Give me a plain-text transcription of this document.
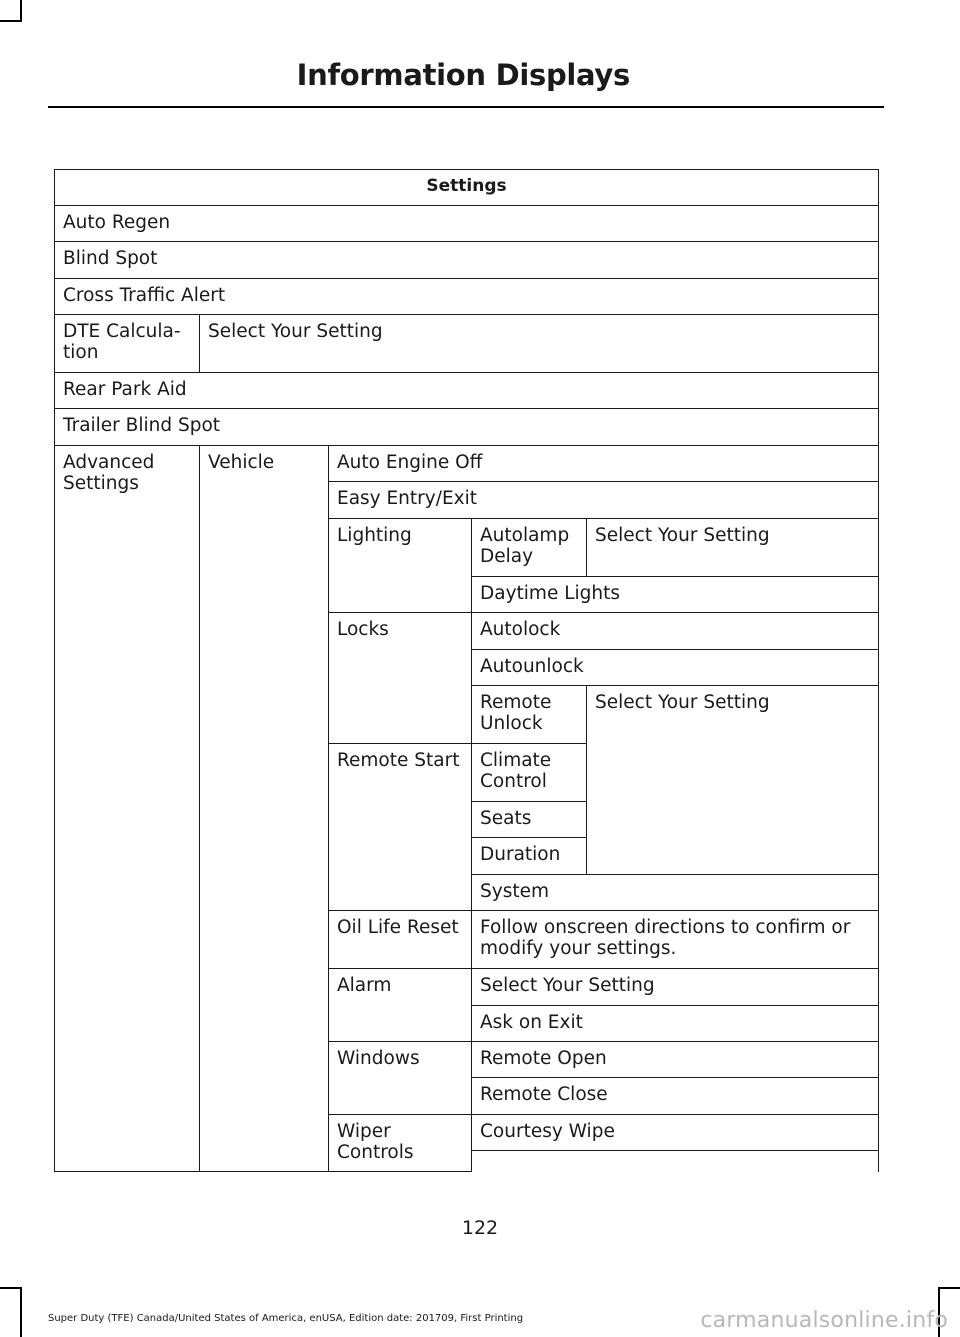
Information Displays
Settings				
Auto Regen				
Blind Spot				
Cross Traffic Alert				
DTE Calcula-tion	Select Your Setting			
Rear Park Aid				
Trailer Blind Spot				
Advanced Settings	Vehicle	Auto Engine Off		
		Easy Entry/Exit		
		Lighting	Autolamp Delay	Select Your Setting
			Daytime Lights	
		Locks	Autolock	
			Autounlock	
			Remote Unlock	Select Your Setting
		Remote Start	Climate Control	
			Seats	
			Duration	
			System	
		Oil Life Reset	Follow onscreen directions to confirm or modify your settings.	
		Alarm	Select Your Setting	
			Ask on Exit	
		Windows	Remote Open	
			Remote Close	
		Wiper Controls	Courtesy Wipe	

122
Super Duty (TFE) Canada/United States of America, enUSA, Edition date: 201709, First Printing	carmanualsonline.info
